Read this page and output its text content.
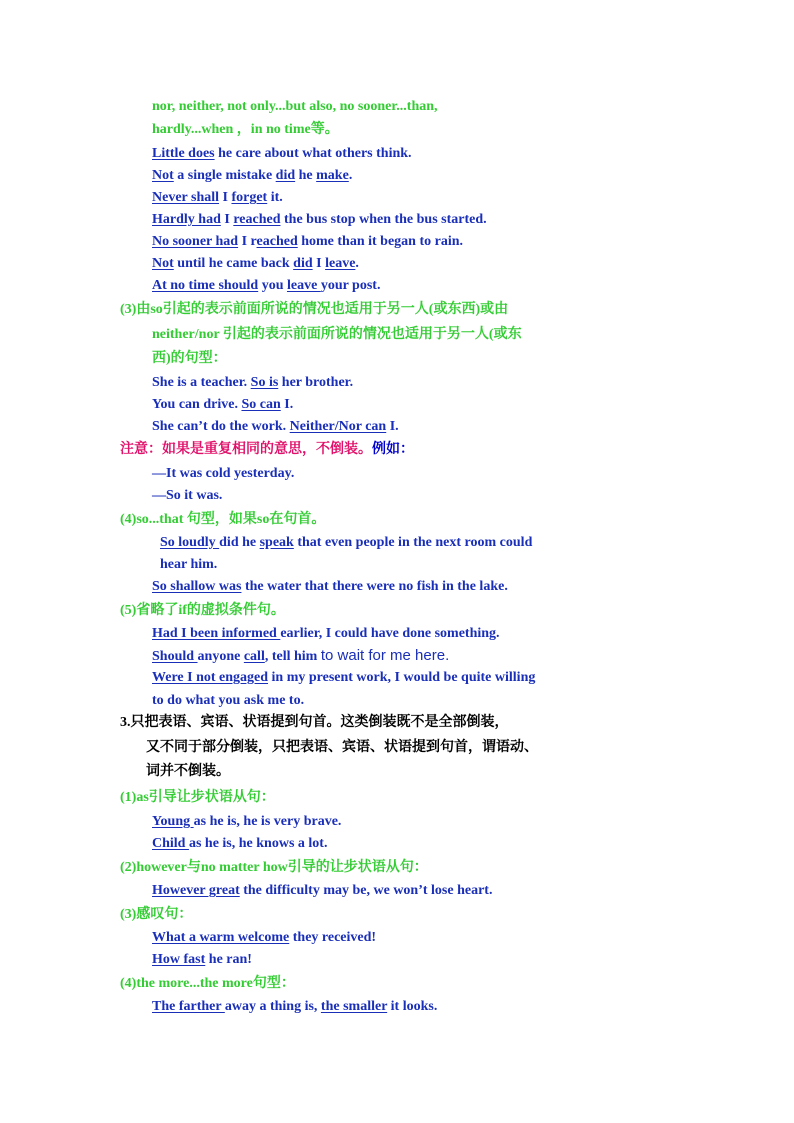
nor, neither, not only...but also, no sooner...than,
hardly...when ，in no time等。
Little does he care about what others think.
Not a single mistake did he make.
Never shall I forget it.
Hardly had I reached the bus stop when the bus started.
No sooner had I reached home than it began to rain.
Not until he came back did I leave.
At no time should you leave your post.
(3)由so引起的表示前面所说的情况也适用于另一人(或东西)或由
neither/nor 引起的表示前面所说的情况也适用于另一人(或东
西)的句型：
She is a teacher. So is her brother.
You can drive. So can I.
She can’t do the work. Neither/Nor can I.
注意：如果是重复相同的意思，不倒装。例如：
—It was cold yesterday.
—So it was.
(4)so...that 句型，如果so在句首。
So loudly did he speak that even people in the next room could
hear him.
So shallow was the water that there were no fish in the lake.
(5)省略了if的虚拟条件句。
Had I been informed earlier, I could have done something.
Should anyone call, tell him to wait for me here.
Were I not engaged in my present work, I would be quite willing
to do what you ask me to.
3.只把表语、宾语、状语提到句首。这类倒装既不是全部倒装，
又不同于部分倒装，只把表语、宾语、状语提到句首，谓语动、
词并不倒装。
(1)as引导让步状语从句：
Young as he is, he is very brave.
Child as he is, he knows a lot.
(2)however与no matter how引导的让步状语从句：
However great the difficulty may be, we won’t lose heart.
(3)感叹句：
What a warm welcome they received!
How fast he ran!
(4)the more...the more句型：
The farther away a thing is, the smaller it looks.
